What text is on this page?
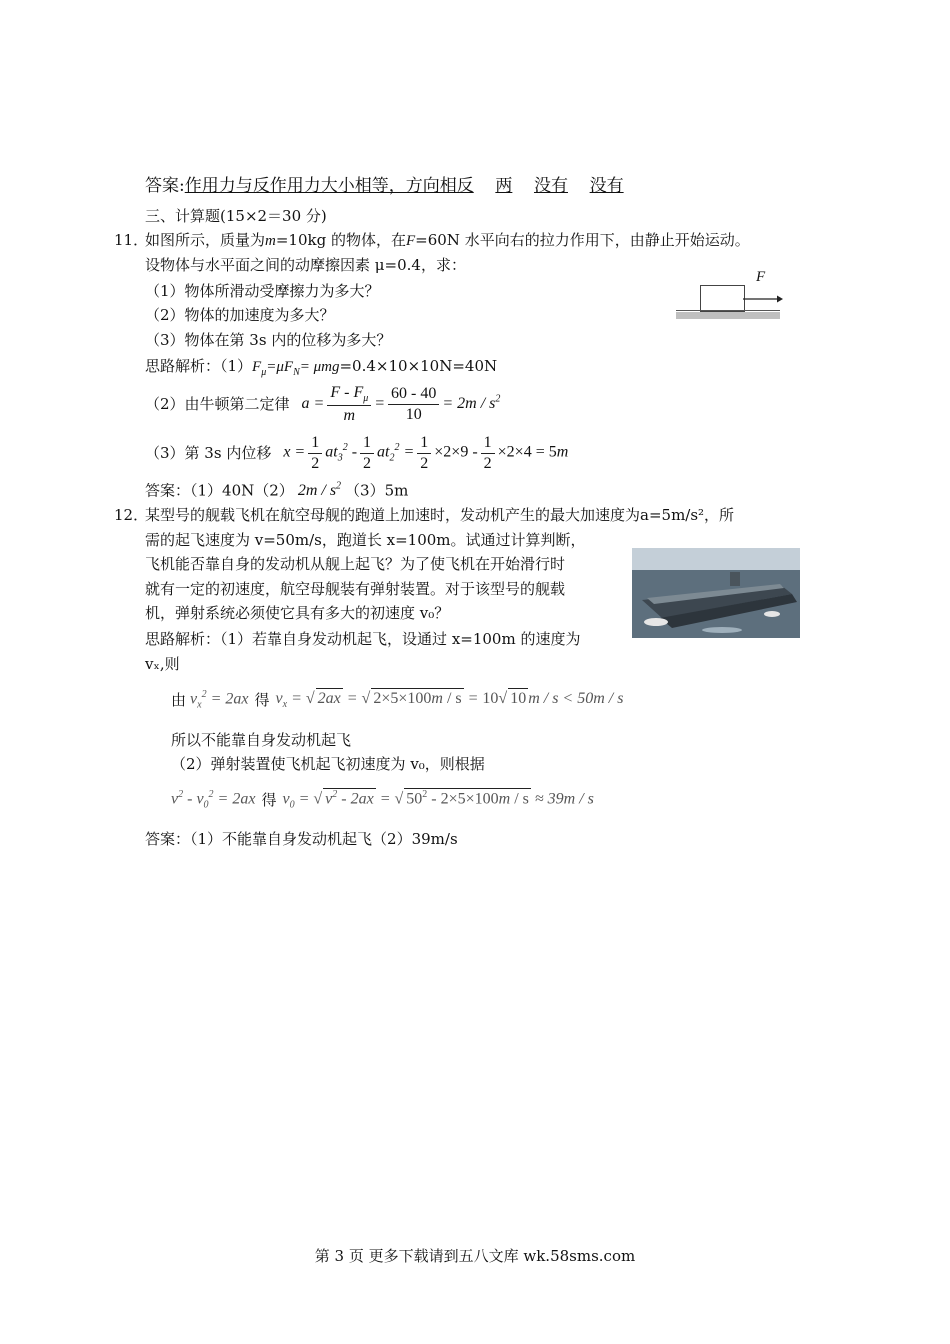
答案:作用力与反作用力大小相等，方向相反 两 没有 没有
三、计算题(15×2＝30 分)
11．
如图所示，质量为m=10kg 的物体，在F=60N 水平向右的拉力作用下，由静止开始运动。
设物体与水平面之间的动摩擦因素 μ=0.4，求：
（1）物体所滑动受摩擦力为多大？
（2）物体的加速度为多大？
（3）物体在第 3s 内的位移为多大？
F
思路解析：$(1)F_\mu=\mu F_N= \mu mg=0.4\times 10\times 10N=40N$
（2）由牛顿第二定律 $a = \frac{F - F_\mu}{m} = \frac{60 - 40}{10} = 2m / s^2$
（3）第 3s 内位移 $x = \frac{1}{2} at_3^2 - \frac{1}{2} at_2^2 = \frac{1}{2} \times 2\times 9 - \frac{1}{2} \times 2\times 4 = 5m$
答案：（1）40N（2） $2m / s^2$ （3）5m
12．
某型号的舰载飞机在航空母舰的跑道上加速时，发动机产生的最大加速度为a=5m/s²，所
需的起飞速度为 v=50m/s，跑道长 x=100m。试通过计算判断，
飞机能否靠自身的发动机从舰上起飞？为了使飞机在开始滑行时
就有一定的初速度，航空母舰装有弹射装置。对于该型号的舰载
机，弹射系统必须使它具有多大的初速度 v₀？
思路解析：（1）若靠自身发动机起飞，设通过 x=100m 的速度为
vₓ,则
由 $v_x^2 = 2ax$ 得 $v_x$ = √ 2ax = √ 2×5×100m / s = 10√ 10 m / s < 50m / s
所以不能靠自身发动机起飞
（2）弹射装置使飞机起飞初速度为 v₀，则根据
$v^2 - v_0^2 = 2ax$ 得 $v_0$ = √ $v^2 - 2ax$ = √ $50^2 - 2\times 5\times 100m / s \approx 39m / s$
答案：（1）不能靠自身发动机起飞（2）39m/s
第 3 页 更多下载请到五八文库 wk.58sms.com
